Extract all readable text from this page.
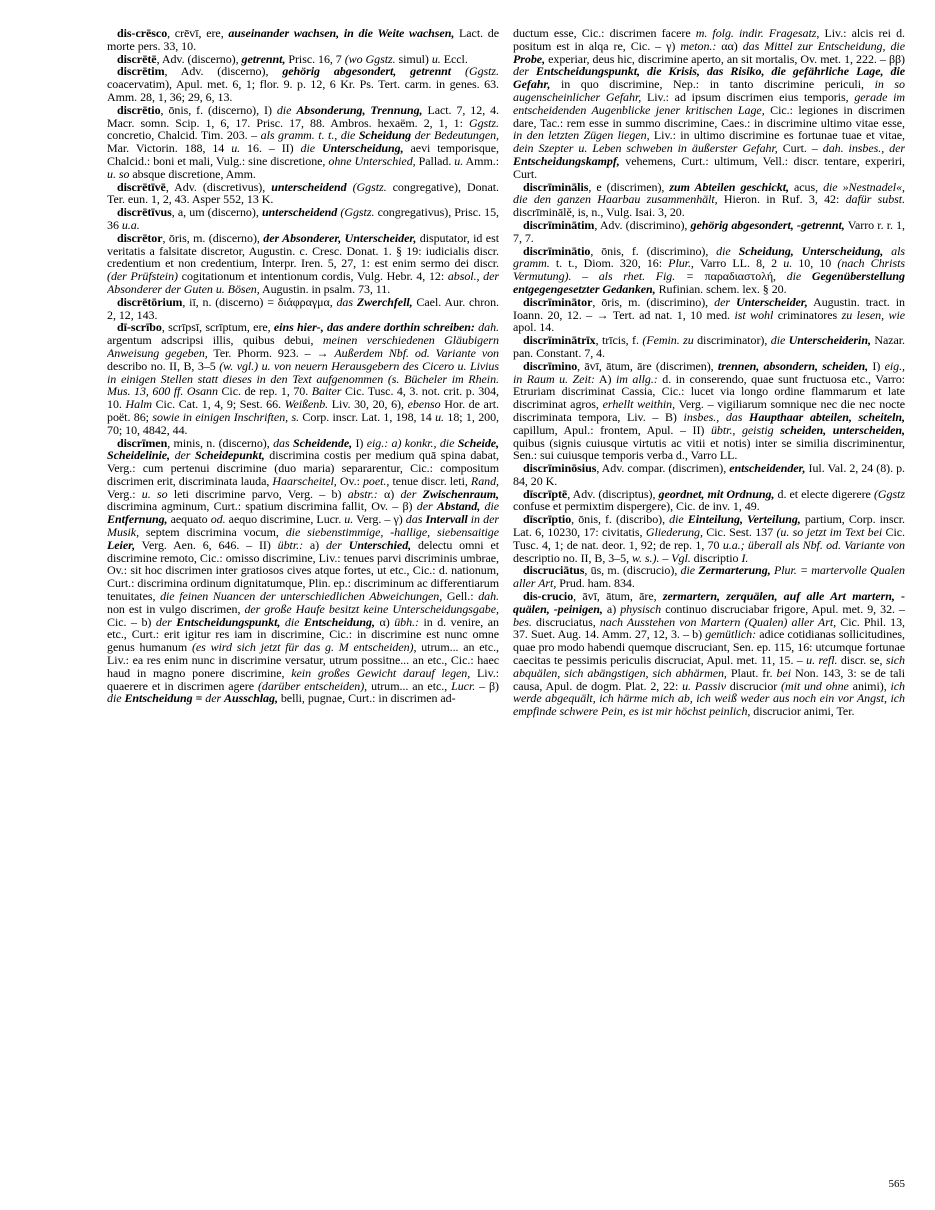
dis-crēsco, crēvī, ere, auseinander wachsen, in die Weite wachsen, Lact. de morte pers. 33, 10.

discrētē, Adv. (discerno), getrennt, Prisc. 16, 7 (wo Ggstz. simul) u. Eccl.

discrētim, Adv. (discerno), gehörig abgesondert, getrennt (Ggstz. coacervatim), Apul. met. 6, 1; flor. 9. p. 12, 6 Kr. Ps. Tert. carm. in genes. 63. Amm. 28, 1, 36; 29, 6, 13.

discrētio, ōnis, f. (discerno), I) die Absonderung, Trennung, Lact. 7, 12, 4. Macr. somn. Scip. 1, 6, 17. Prisc. 17, 88. Ambros. hexaëm. 2, 1, 1: Ggstz. concretio, Chalcid. Tim. 203. – als gramm. t. t., die Scheidung der Bedeutungen, Mar. Victorin. 188, 14 u. 16. – II) die Unterscheidung, aevi temporisque, Chalcid.: boni et mali, Vulg.: sine discretione, ohne Unterschied, Pallad. u. Amm.: u. so absque discretione, Amm.

discrētīvē, Adv. (discretivus), unterscheidend (Ggstz. congregative), Donat. Ter. eun. 1, 2, 43. Asper 552, 13 K.

discrētīvus, a, um (discerno), unterscheidend (Ggstz. congregativus), Prisc. 15, 36 u.a.

discrētor, ōris, m. (discerno), der Absonderer, Unterscheider, disputator, id est veritatis a falsitate discretor, Augustin. c. Cresc. Donat. 1. § 19: iudicialis discr. credentium et non credentium, Interpr. Iren. 5, 27, 1: est enim sermo dei discr. (der Prüfstein) cogitationum et intentionum cordis, Vulg. Hebr. 4, 12: absol., der Absonderer der Guten u. Bösen, Augustin. in psalm. 73, 11.

discrētōrium, iī, n. (discerno) = διάφραγμα, das Zwerchfell, Cael. Aur. chron. 2, 12, 143.

dī-scrībo, scrīpsī, scrīptum, ere, eins hier-, das andere dorthin schreiben: dah. argentum adscripsi illis, quibus debui, meinen verschiedenen Gläubigern Anweisung gegeben, Ter. Phorm. 923. – → Außerdem Nbf. od. Variante von describo no. II, B, 3–5 (w. vgl.) u. von neuern Herausgebern des Cicero u. Livius in einigen Stellen statt dieses in den Text aufgenommen (s. Bücheler im Rhein. Mus. 13, 600 ff. Osann Cic. de rep. 1, 70. Baiter Cic. Tusc. 4, 3. not. crit. p. 304, 10. Halm Cic. Cat. 1, 4, 9; Sest. 66. Weißenb. Liv. 30, 20, 6), ebenso Hor. de art. poët. 86; sowie in einigen Inschriften, s. Corp. inscr. Lat. 1, 198, 14 u. 18; 1, 200, 70; 10, 4842, 44.

discrīmen, minis, n. (discerno), das Scheidende, I) eig.: a) konkr., die Scheide, Scheidelinie, der Scheidepunkt, discrimina costis per medium quā spina dabat, Verg.: cum pertenui discrimine (duo maria) separarentur, Cic.: compositum discrimen erit, discriminata lauda, Haarscheitel, Ov.: poet., tenue discr. leti, Rand, Verg.: u. so leti discrimine parvo, Verg. – b) abstr.: α) der Zwischenraum, discrimina agminum, Curt.: spatium discrimina fallit, Ov. – β) der Abstand, die Entfernung, aequato od. aequo discrimine, Lucr. u. Verg. – γ) das Intervall in der Musik, septem discrimina vocum, die siebenstimmige, -hallige, siebensaitige Leier, Verg. Aen. 6, 646. – II) übtr.: a) der Unterschied, delectu omni et discrimine remoto, Cic.: omisso discrimine, Liv.: tenues parvi discriminis umbrae, Ov.: sit hoc discrimen inter gratiosos cives atque fortes, ut etc., Cic.: d. nationum, Curt.: discrimina ordinum dignitatumque, Plin. ep.: discriminum ac differentiarum tenuitates, die feinen Nuancen der unterschiedlichen Abweichungen, Gell.: dah. non est in vulgo discrimen, der große Haufe besitzt keine Unterscheidungsgabe, Cic. – b) der Entscheidungspunkt, die Entscheidung, α) übh.: in d. venire, an etc., Curt.: erit igitur res iam in discrimine, Cic.: in discrimine est nunc omne genus humanum (es wird sich jetzt für das g. M entscheiden), utrum... an etc., Liv.: ea res enim nunc in discrimine versatur, utrum possitne... an etc., Cic.: haec haud in magno ponere discrimine, kein großes Gewicht darauf legen, Liv.: quaerere et in discrimen agere (darüber entscheiden), utrum... an etc., Lucr. – β) die Entscheidung = der Ausschlag, belli, pugnae, Curt.: in discrimen ad-

ductum esse, Cic.: discrimen facere m. folg. indir. Fragesatz, Liv.: alcis rei d. positum est in alqa re, Cic. – γ) meton.: αα) das Mittel zur Entscheidung, die Probe, experiar, deus hic, discrimine aperto, an sit mortalis, Ov. met. 1, 222. – ββ) der Entscheidungspunkt, die Krisis, das Risiko, die gefährliche Lage, die Gefahr, in quo discrimine, Nep.: in tanto discrimine periculi, in so augenscheinlicher Gefahr, Liv.: ad ipsum discrimen eius temporis, gerade im entscheidenden Augenblicke jener kritischen Lage, Cic.: legiones in discrimen dare, Tac.: rem esse in summo discrimine, Caes.: in discrimine ultimo vitae esse, in den letzten Zügen liegen, Liv.: in ultimo discrimine es fortunae tuae et vitae, dein Szepter u. Leben schweben in äußerster Gefahr, Curt. – dah. insbes., der Entscheidungskampf, vehemens, Curt.: ultimum, Vell.: discr. tentare, experiri, Curt.

discrīminālis, e (discrimen), zum Abteilen geschickt, acus, die »Nestnadel«, die den ganzen Haarbau zusammenhält, Hieron. in Ruf. 3, 42: dafür subst. discrīminālĕ, is, n., Vulg. Isai. 3, 20.

discrīminātim, Adv. (discrimino), gehörig abgesondert, -getrennt, Varro r. r. 1, 7, 7.

discrīminātio, ōnis, f. (discrimino), die Scheidung, Unterscheidung, als gramm. t. t., Diom. 320, 16: Plur., Varro LL. 8, 2 u. 10, 10 (nach Christs Vermutung). – als rhet. Fig. = παραδιαστολή, die Gegenüberstellung entgegengesetzter Gedanken, Rufinian. schem. lex. § 20.

discrīminātor, ōris, m. (discrimino), der Unterscheider, Augustin. tract. in Ioann. 20, 12. – → Tert. ad nat. 1, 10 med. ist wohl criminatores zu lesen, wie apol. 14.

discrīminātrīx, trīcis, f. (Femin. zu discriminator), die Unterscheiderin, Nazar. pan. Constant. 7, 4.

discrīmino, āvī, ātum, āre (discrimen), trennen, absondern, scheiden, I) eig., in Raum u. Zeit: A) im allg.: d. in conserendo, quae sunt fructuosa etc., Varro: Etruriam discriminat Cassia, Cic.: lucet via longo ordine flammarum et late discriminat agros, erhellt weithin, Verg. – vigiliarum somnique nec die nec nocte discriminata tempora, Liv. – B) insbes., das Haupthaar abteilen, scheiteln, capillum, Apul.: frontem, Apul. – II) übtr., geistig scheiden, unterscheiden, quibus (signis cuiusque virtutis ac vitii et notis) inter se similia discriminentur, Sen.: sui cuiusque temporis verba d., Varro LL.

discrīminōsius, Adv. compar. (discrimen), entscheidender, Iul. Val. 2, 24 (8). p. 84, 20 K.

dīscrīptē, Adv. (discriptus), geordnet, mit Ordnung, d. et electe digerere (Ggstz confuse et permixtim dispergere), Cic. de inv. 1, 49.

dīscrīptio, ōnis, f. (discribo), die Einteilung, Verteilung, partium, Corp. inscr. Lat. 6, 10230, 17: civitatis, Gliederung, Cic. Sest. 137 (u. so jetzt im Text bei Cic. Tusc. 4, 1; de nat. deor. 1, 92; de rep. 1, 70 u.a.; überall als Nbf. od. Variante von descriptio no. II, B, 3–5, w. s.). – Vgl. discriptio I.

discruciātus, ūs, m. (discrucio), die Zermarterung, Plur. = martervolle Qualen aller Art, Prud. ham. 834.

dis-crucio, āvī, ātum, āre, zermartern, zerquälen, auf alle Art martern, -quälen, -peinigen, a) physisch continuo discruciabar frigore, Apul. met. 9, 32. – bes. discruciatus, nach Ausstehen von Martern (Qualen) aller Art, Cic. Phil. 13, 37. Suet. Aug. 14. Amm. 27, 12, 3. – b) gemütlich: adice cotidianas sollicitudines, quae pro modo habendi quemque discruciant, Sen. ep. 115, 16: utcumque fortunae caecitas te pessimis periculis discruciat, Apul. met. 11, 15. – u. refl. discr. se, sich abquälen, sich abängstigen, sich abhärmen, Plaut. fr. bei Non. 143, 3: se de tali causa, Apul. de dogm. Plat. 2, 22: u. Passiv discrucior (mit und ohne animi), ich werde abgequält, ich härme mich ab, ich weiß weder aus noch ein vor Angst, ich empfinde schwere Pein, es ist mir höchst peinlich, discrucior animi, Ter.

565
